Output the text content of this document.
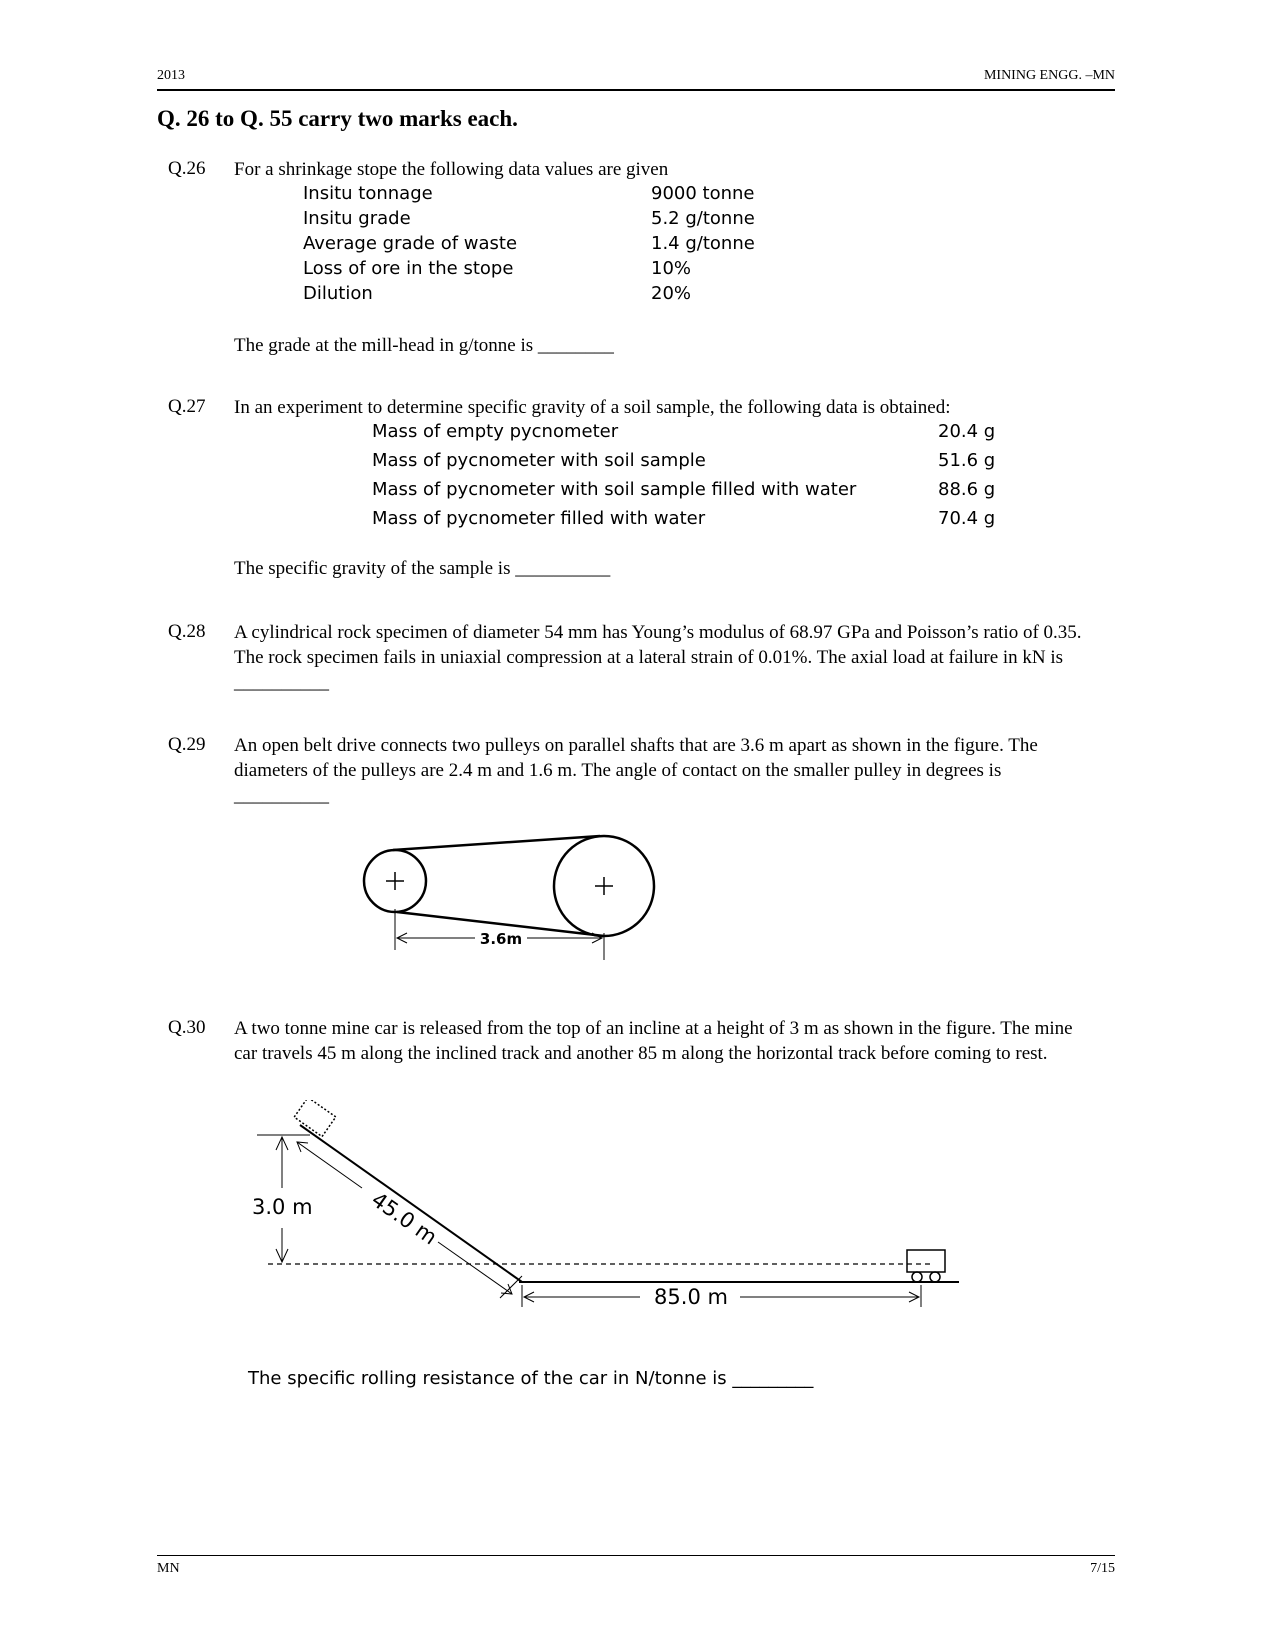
2013	MINING ENGG. –MN
Q. 26 to Q. 55 carry two marks each.
Q.26 For a shrinkage stope the following data values are given
Insitu tonnage	9000 tonne
Insitu grade	5.2 g/tonne
Average grade of waste	1.4 g/tonne
Loss of ore in the stope	10%
Dilution	20%
The grade at the mill-head in g/tonne is ________
Q.27 In an experiment to determine specific gravity of a soil sample, the following data is obtained:
Mass of empty pycnometer	20.4 g
Mass of pycnometer with soil sample	51.6 g
Mass of pycnometer with soil sample filled with water	88.6 g
Mass of pycnometer filled with water	70.4 g
The specific gravity of the sample is __________
Q.28 A cylindrical rock specimen of diameter 54 mm has Young’s modulus of 68.97 GPa and Poisson’s ratio of 0.35. The rock specimen fails in uniaxial compression at a lateral strain of 0.01%. The axial load at failure in kN is __________
Q.29 An open belt drive connects two pulleys on parallel shafts that are 3.6 m apart as shown in the figure. The diameters of the pulleys are 2.4 m and 1.6 m. The angle of contact on the smaller pulley in degrees is __________
3.6m
Q.30 A two tonne mine car is released from the top of an incline at a height of 3 m as shown in the figure. The mine car travels 45 m along the inclined track and another 85 m along the horizontal track before coming to rest.
3.0 m	45.0 m
85.0 m
The specific rolling resistance of the car in N/tonne is _________
MN	7/15
